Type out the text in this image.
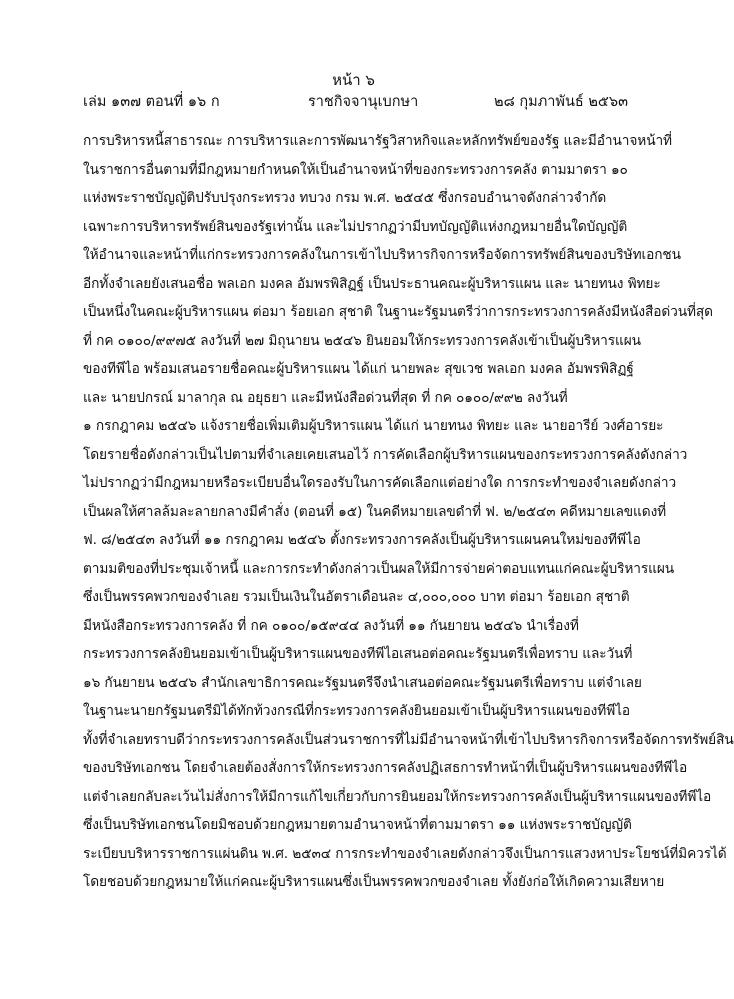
หน้า ๖
เล่ม ๑๓๗ ตอนที่ ๑๖ ก	ราชกิจจานุเบกษา	๒๘ กุมภาพันธ์ ๒๕๖๓
การบริหารหนี้สาธารณะ การบริหารและการพัฒนารัฐวิสาหกิจและหลักทรัพย์ของรัฐ และมีอำนาจหน้าที่
ในราชการอื่นตามที่มีกฎหมายกำหนดให้เป็นอำนาจหน้าที่ของกระทรวงการคลัง ตามมาตรา ๑๐
แห่งพระราชบัญญัติปรับปรุงกระทรวง ทบวง กรม พ.ศ. ๒๕๔๕ ซึ่งกรอบอำนาจดังกล่าวจำกัด
เฉพาะการบริหารทรัพย์สินของรัฐเท่านั้น และไม่ปรากฏว่ามีบทบัญญัติแห่งกฎหมายอื่นใดบัญญัติ
ให้อำนาจและหน้าที่แก่กระทรวงการคลังในการเข้าไปบริหารกิจการหรือจัดการทรัพย์สินของบริษัทเอกชน
อีกทั้งจำเลยยังเสนอชื่อ พลเอก มงคล อัมพรพิสิฏฐ์ เป็นประธานคณะผู้บริหารแผน และ นายทนง พิทยะ
เป็นหนึ่งในคณะผู้บริหารแผน ต่อมา ร้อยเอก สุชาติ ในฐานะรัฐมนตรีว่าการกระทรวงการคลังมีหนังสือด่วนที่สุด
ที่ กค ๐๑๐๐/๙๙๗๕ ลงวันที่ ๒๗ มิถุนายน ๒๕๔๖ ยินยอมให้กระทรวงการคลังเข้าเป็นผู้บริหารแผน
ของทีพีไอ พร้อมเสนอรายชื่อคณะผู้บริหารแผน ได้แก่ นายพละ สุขเวช พลเอก มงคล อัมพรพิสิฏฐ์
และ นายปกรณ์ มาลากุล ณ อยุธยา และมีหนังสือด่วนที่สุด ที่ กค ๐๑๐๐/๙๙๒ ลงวันที่
๑ กรกฎาคม ๒๕๔๖ แจ้งรายชื่อเพิ่มเติมผู้บริหารแผน ได้แก่ นายทนง พิทยะ และ นายอารีย์ วงศ์อารยะ
โดยรายชื่อดังกล่าวเป็นไปตามที่จำเลยเคยเสนอไว้ การคัดเลือกผู้บริหารแผนของกระทรวงการคลังดังกล่าว
ไม่ปรากฏว่ามีกฎหมายหรือระเบียบอื่นใดรองรับในการคัดเลือกแต่อย่างใด การกระทำของจำเลยดังกล่าว
เป็นผลให้ศาลล้มละลายกลางมีคำสั่ง (ตอนที่ ๑๕) ในคดีหมายเลขดำที่ ฟ. ๒/๒๕๔๓ คดีหมายเลขแดงที่
ฟ. ๘/๒๕๔๓ ลงวันที่ ๑๑ กรกฎาคม ๒๕๔๖ ตั้งกระทรวงการคลังเป็นผู้บริหารแผนคนใหม่ของทีพีไอ
ตามมติของที่ประชุมเจ้าหนี้ และการกระทำดังกล่าวเป็นผลให้มีการจ่ายค่าตอบแทนแก่คณะผู้บริหารแผน
ซึ่งเป็นพรรคพวกของจำเลย รวมเป็นเงินในอัตราเดือนละ ๔,๐๐๐,๐๐๐ บาท ต่อมา ร้อยเอก สุชาติ
มีหนังสือกระทรวงการคลัง ที่ กค ๐๑๐๐/๑๕๙๔๔ ลงวันที่ ๑๑ กันยายน ๒๕๔๖ นำเรื่องที่
กระทรวงการคลังยินยอมเข้าเป็นผู้บริหารแผนของทีพีไอเสนอต่อคณะรัฐมนตรีเพื่อทราบ และวันที่
๑๖ กันยายน ๒๕๔๖ สำนักเลขาธิการคณะรัฐมนตรีจึงนำเสนอต่อคณะรัฐมนตรีเพื่อทราบ แต่จำเลย
ในฐานะนายกรัฐมนตรีมิได้ทักท้วงกรณีที่กระทรวงการคลังยินยอมเข้าเป็นผู้บริหารแผนของทีพีไอ
ทั้งที่จำเลยทราบดีว่ากระทรวงการคลังเป็นส่วนราชการที่ไม่มีอำนาจหน้าที่เข้าไปบริหารกิจการหรือจัดการทรัพย์สิน
ของบริษัทเอกชน โดยจำเลยต้องสั่งการให้กระทรวงการคลังปฏิเสธการทำหน้าที่เป็นผู้บริหารแผนของทีพีไอ
แต่จำเลยกลับละเว้นไม่สั่งการให้มีการแก้ไขเกี่ยวกับการยินยอมให้กระทรวงการคลังเป็นผู้บริหารแผนของทีพีไอ
ซึ่งเป็นบริษัทเอกชนโดยมิชอบด้วยกฎหมายตามอำนาจหน้าที่ตามมาตรา ๑๑ แห่งพระราชบัญญัติ
ระเบียบบริหารราชการแผ่นดิน พ.ศ. ๒๕๓๔ การกระทำของจำเลยดังกล่าวจึงเป็นการแสวงหาประโยชน์ที่มิควรได้
โดยชอบด้วยกฎหมายให้แก่คณะผู้บริหารแผนซึ่งเป็นพรรคพวกของจำเลย ทั้งยังก่อให้เกิดความเสียหาย
